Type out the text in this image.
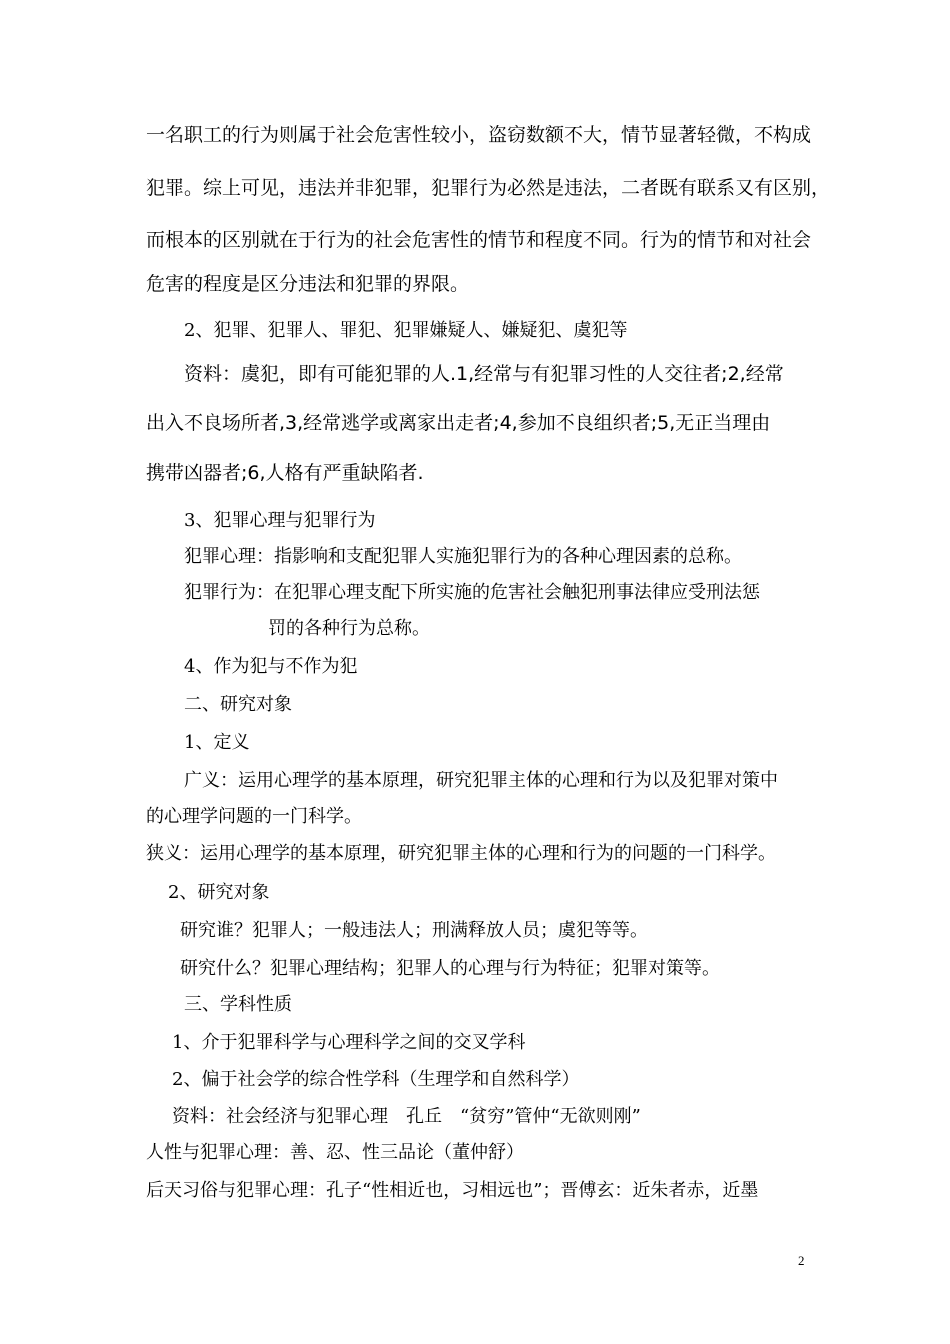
一名职工的行为则属于社会危害性较小，盗窃数额不大，情节显著轻微，不构成
犯罪。综上可见，违法并非犯罪，犯罪行为必然是违法，二者既有联系又有区别，
而根本的区别就在于行为的社会危害性的情节和程度不同。行为的情节和对社会
危害的程度是区分违法和犯罪的界限。
2、犯罪、犯罪人、罪犯、犯罪嫌疑人、嫌疑犯、虞犯等
资料：虞犯，即有可能犯罪的人.1,经常与有犯罪习性的人交往者;2,经常
出入不良场所者,3,经常逃学或离家出走者;4,参加不良组织者;5,无正当理由
携带凶器者;6,人格有严重缺陷者.
3、犯罪心理与犯罪行为
犯罪心理：指影响和支配犯罪人实施犯罪行为的各种心理因素的总称。
犯罪行为：在犯罪心理支配下所实施的危害社会触犯刑事法律应受刑法惩
罚的各种行为总称。
4、作为犯与不作为犯
二、研究对象
1、定义
广义：运用心理学的基本原理，研究犯罪主体的心理和行为以及犯罪对策中
的心理学问题的一门科学。
狭义：运用心理学的基本原理，研究犯罪主体的心理和行为的问题的一门科学。
2、研究对象
研究谁？犯罪人；一般违法人；刑满释放人员；虞犯等等。
研究什么？犯罪心理结构；犯罪人的心理与行为特征；犯罪对策等。
三、学科性质
1、介于犯罪科学与心理科学之间的交叉学科
2、偏于社会学的综合性学科（生理学和自然科学）
资料：社会经济与犯罪心理　孔丘　“贫穷”管仲“无欲则刚”
人性与犯罪心理：善、忍、性三品论（董仲舒）
后天习俗与犯罪心理：孔子“性相近也，习相远也”；晋傅玄：近朱者赤，近墨
2
